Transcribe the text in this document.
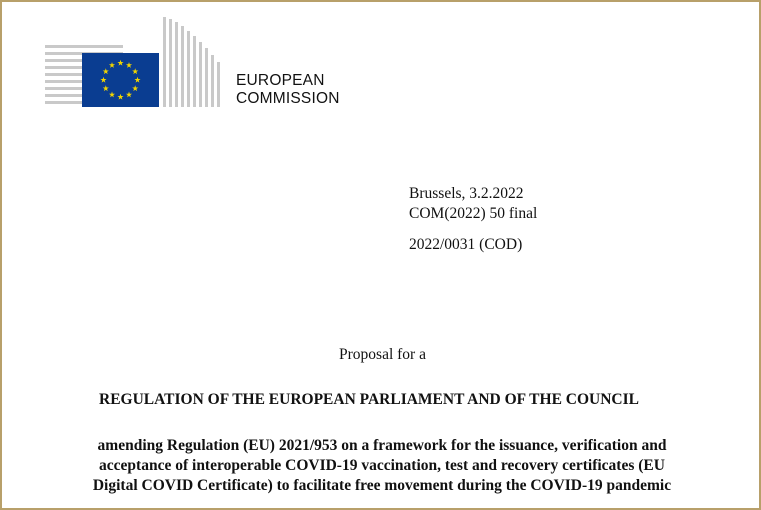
EUROPEAN
COMMISSION
Brussels, 3.2.2022
COM(2022) 50 final
2022/0031 (COD)
Proposal for a
REGULATION OF THE EUROPEAN PARLIAMENT AND OF THE COUNCIL
amending Regulation (EU) 2021/953 on a framework for the issuance, verification and
acceptance of interoperable COVID-19 vaccination, test and recovery certificates (EU
Digital COVID Certificate) to facilitate free movement during the COVID-19 pandemic
